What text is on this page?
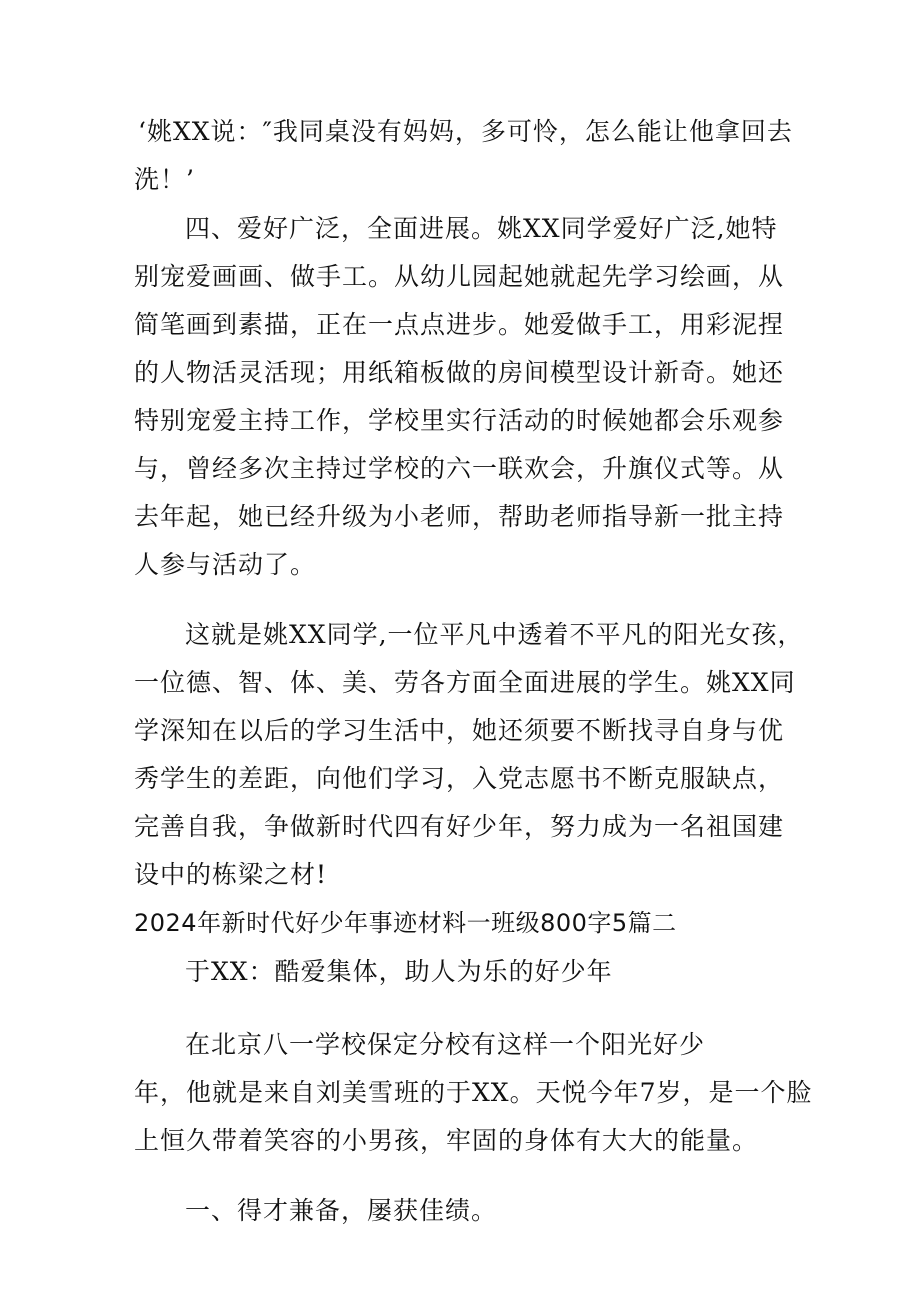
‘姚XX说：″我同桌没有妈妈，多可怜，怎么能让他拿回去
洗！’
四、爱好广泛，全面进展。姚XX同学爱好广泛,她特
别宠爱画画、做手工。从幼儿园起她就起先学习绘画，从
简笔画到素描，正在一点点进步。她爱做手工，用彩泥捏
的人物活灵活现；用纸箱板做的房间模型设计新奇。她还
特别宠爱主持工作，学校里实行活动的时候她都会乐观参
与，曾经多次主持过学校的六一联欢会，升旗仪式等。从
去年起，她已经升级为小老师，帮助老师指导新一批主持
人参与活动了。
这就是姚XX同学,一位平凡中透着不平凡的阳光女孩，
一位德、智、体、美、劳各方面全面进展的学生。姚XX同
学深知在以后的学习生活中，她还须要不断找寻自身与优
秀学生的差距，向他们学习，入党志愿书不断克服缺点，
完善自我，争做新时代四有好少年，努力成为一名祖国建
设中的栋梁之材!
2024年新时代好少年事迹材料一班级800字5篇二
于XX：酷爱集体，助人为乐的好少年
在北京八一学校保定分校有这样一个阳光好少
年，他就是来自刘美雪班的于XX。天悦今年7岁，是一个脸
上恒久带着笑容的小男孩，牢固的身体有大大的能量。
一、得才兼备，屡获佳绩。
